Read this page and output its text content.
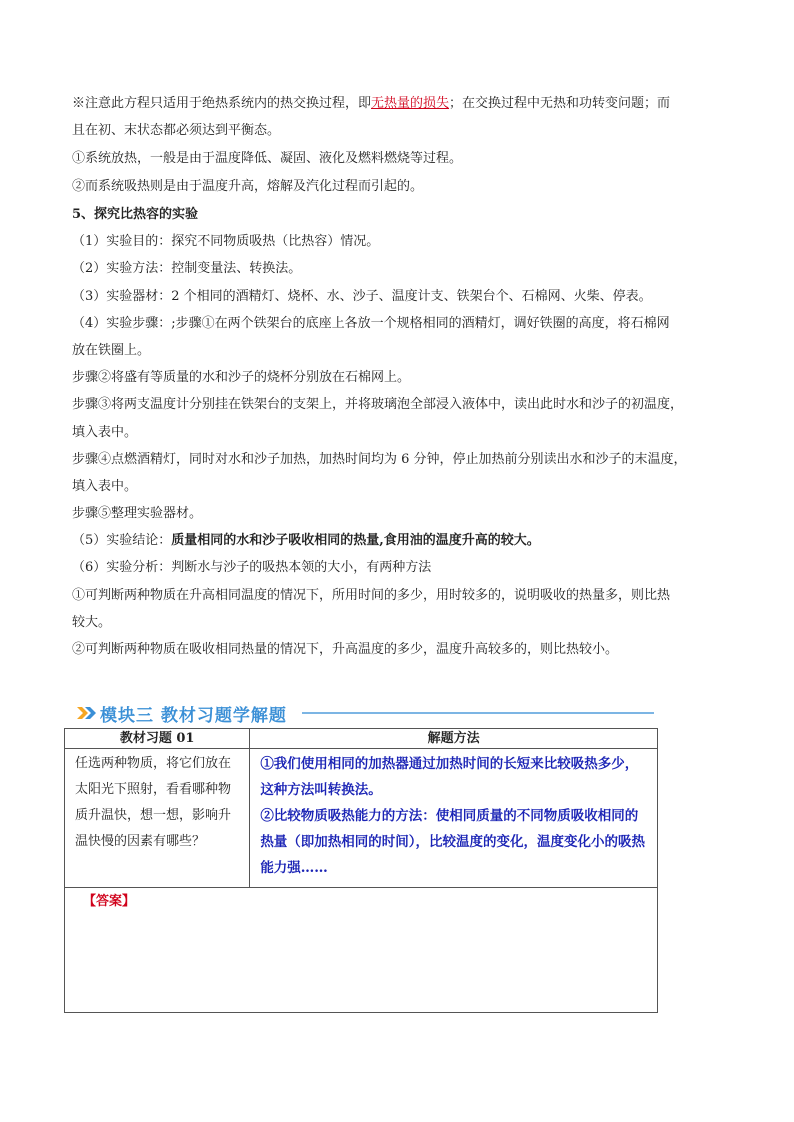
※注意此方程只适用于绝热系统内的热交换过程，即无热量的损失；在交换过程中无热和功转变问题；而
且在初、末状态都必须达到平衡态。
①系统放热，一般是由于温度降低、凝固、液化及燃料燃烧等过程。
②而系统吸热则是由于温度升高，熔解及汽化过程而引起的。
5、探究比热容的实验
（1）实验目的：探究不同物质吸热（比热容）情况。
（2）实验方法：控制变量法、转换法。
（3）实验器材：2 个相同的酒精灯、烧杯、水、沙子、温度计支、铁架台个、石棉网、火柴、停表。
（4）实验步骤：;步骤①在两个铁架台的底座上各放一个规格相同的酒精灯，调好铁圈的高度，将石棉网
放在铁圈上。
步骤②将盛有等质量的水和沙子的烧杯分别放在石棉网上。
步骤③将两支温度计分别挂在铁架台的支架上，并将玻璃泡全部浸入液体中，读出此时水和沙子的初温度，
填入表中。
步骤④点燃酒精灯，同时对水和沙子加热，加热时间均为 6 分钟，停止加热前分别读出水和沙子的末温度，
填入表中。
步骤⑤整理实验器材。
（5）实验结论：质量相同的水和沙子吸收相同的热量,食用油的温度升高的较大。
（6）实验分析：判断水与沙子的吸热本领的大小，有两种方法
①可判断两种物质在升高相同温度的情况下，所用时间的多少，用时较多的，说明吸收的热量多，则比热
较大。
②可判断两种物质在吸收相同热量的情况下，升高温度的多少，温度升高较多的，则比热较小。
模块三 教材习题学解题
教材习题 01	解题方法
任选两种物质，将它们放在太阳光下照射，看看哪种物质升温快，想一想，影响升温快慢的因素有哪些？	①我们使用相同的加热器通过加热时间的长短来比较吸热多少，这种方法叫转换法。
②比较物质吸热能力的方法：使相同质量的不同物质吸收相同的热量（即加热相同的时间），比较温度的变化，温度变化小的吸热能力强……

【答案】	
